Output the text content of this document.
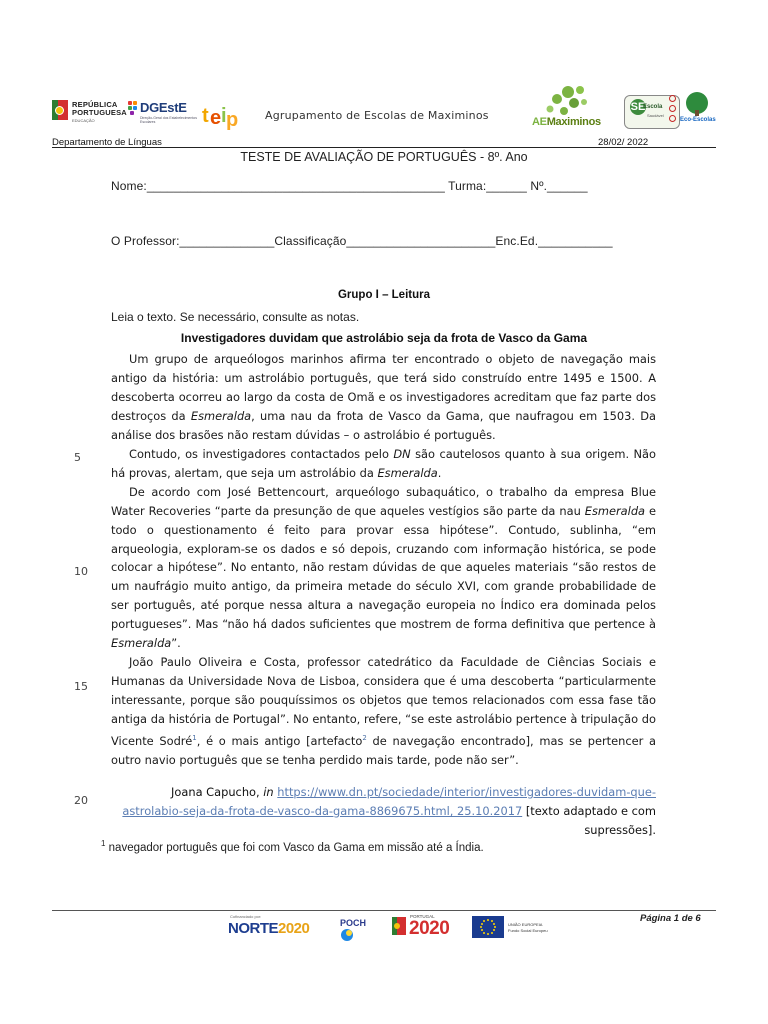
REPÚBLICA
PORTUGUESA
EDUCAÇÃO
DGEstE
Direção-Geral dos Estabelecimentos Escolares	t e i p	Agrupamento de Escolas de Maximinos	AEMaximinos
SE
Escola
Saudável
Eco-Escolas
Departamento de Línguas	28/02/ 2022
TESTE DE AVALIAÇÃO DE PORTUGUÊS - 8º. Ano
Nome:____________________________________________ Turma:______ Nº.______
O Professor:______________Classificação______________________Enc.Ed.___________
Grupo I – Leitura
Leia o texto. Se necessário, consulte as notas.
Investigadores duvidam que astrolábio seja da frota de Vasco da Gama

Um grupo de arqueólogos marinhos afirma ter encontrado o objeto de navegação mais antigo da história: um astrolábio português, que terá sido construído entre 1495 e 1500. A descoberta ocorreu ao largo da costa de Omã e os investigadores acreditam que faz parte dos destroços da Esmeralda, uma nau da frota de Vasco da Gama, que naufragou em 1503. Da análise dos brasões não restam dúvidas – o astrolábio é português.

Contudo, os investigadores contactados pelo DN são cautelosos quanto à sua origem. Não há provas, alertam, que seja um astrolábio da Esmeralda.

De acordo com José Bettencourt, arqueólogo subaquático, o trabalho da empresa Blue Water Recoveries “parte da presunção de que aqueles vestígios são parte da nau Esmeralda e todo o questionamento é feito para provar essa hipótese”. Contudo, sublinha, “em arqueologia, exploram-se os dados e só depois, cruzando com informação histórica, se pode colocar a hipótese”. No entanto, não restam dúvidas de que aqueles materiais “são restos de um naufrágio muito antigo, da primeira metade do século XVI, com grande probabilidade de ser português, até porque nessa altura a navegação europeia no Índico era dominada pelos portugueses”. Mas “não há dados suficientes que mostrem de forma definitiva que pertence à Esmeralda”.

João Paulo Oliveira e Costa, professor catedrático da Faculdade de Ciências Sociais e Humanas da Universidade Nova de Lisboa, considera que é uma descoberta “particularmente interessante, porque são pouquíssimos os objetos que temos relacionados com essa fase tão antiga da história de Portugal”. No entanto, refere, “se este astrolábio pertence à tripulação do Vicente Sodré$^1$, é o mais antigo [artefacto$^2$ de navegação encontrado], mas se pertencer a outro navio português que se tenha perdido mais tarde, pode não ser”.

5
10
15
20
Joana Capucho, in https://www.dn.pt/sociedade/interior/investigadores-duvidam-que-astrolabio-seja-da-frota-de-vasco-da-gama-8869675.html, 25.10.2017 [texto adaptado e com supressões].
$^1$ navegador português que foi com Vasco da Gama em missão até a Índia.
Página 1 de 6
Cofinanciado por:
NORTE2020	POCH
PORTUGAL
2020	UNIÃO EUROPEIA
Fundo Social Europeu
